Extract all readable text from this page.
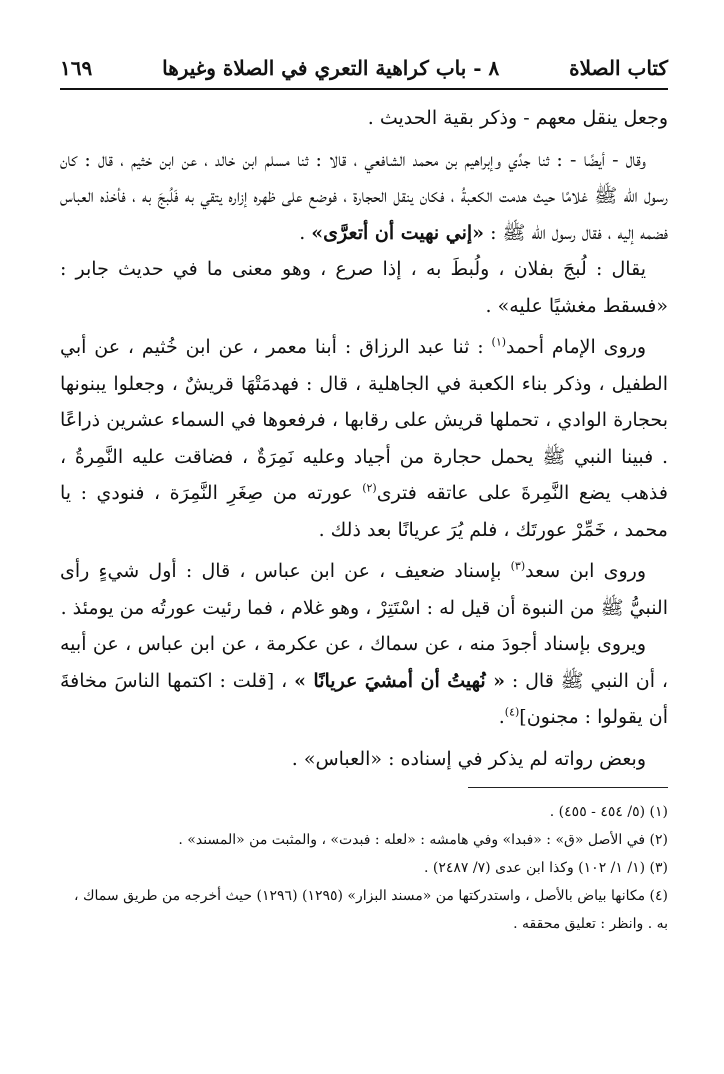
كتاب الصلاة
٨ - باب كراهية التعري في الصلاة وغيرها
١٦٩

وجعل ينقل معهم - وذكر بقية الحديث .

وقال - أيضًا - : ثنا جدِّي وإبراهيم بن محمد الشافعي ، قالا : ثنا مسلم ابن خالد ، عن ابن خثيم ، قال : كان رسول الله ﷺ غلامًا حيث هدمت الكعبةُ ، فكان ينقل الحجارة ، فوضع على ظهره إزاره يتقي به فَلُبجَ به ، فأخذه العباس فضمه إليه ، فقال رسول الله ﷺ : «إني نهيت أن أتعرَّى» .

يقال : لُبجَ بفلان ، ولُبطَ به ، إذا صرع ، وهو معنى ما في حديث جابر : «فسقط مغشيًا عليه» .

وروى الإمام أحمد$^{(١)}$ : ثنا عبد الرزاق : أبنا معمر ، عن ابن خُثيم ، عن أبي الطفيل ، وذكر بناء الكعبة في الجاهلية ، قال : فهدمَتْهَا قريشٌ ، وجعلوا يبنونها بحجارة الوادي ، تحملها قريش على رقابها ، فرفعوها في السماء عشرين ذراعًا . فبينا النبي ﷺ يحمل حجارة من أجياد وعليه نَمِرَةٌ ، فضاقت عليه النَّمِرةُ ، فذهب يضع النَّمِرةَ على عاتقه فترى$^{(٢)}$ عورته من صِغَرِ النَّمِرَة ، فنودي : يا محمد ، خَمِّرْ عورتَك ، فلم يُرَ عريانًا بعد ذلك .

وروى ابن سعد$^{(٣)}$ بإسناد ضعيف ، عن ابن عباس ، قال : أول شيءٍ رأى النبيُّ ﷺ من النبوة أن قيل له : اسْتَتِرْ ، وهو غلام ، فما رئيت عورتُه من يومئذ .

ويروى بإسناد أجودَ منه ، عن سماك ، عن عكرمة ، عن ابن عباس ، عن أبيه ، أن النبي ﷺ قال : « نُهيتُ أن أمشيَ عريانًا » ، [قلت : اكتمها الناسَ مخافةَ أن يقولوا : مجنون]$^{(٤)}$.

وبعض رواته لم يذكر في إسناده : «العباس» .

(١) (٥/ ٤٥٤ - ٤٥٥) .

(٢) في الأصل «ق» : «فبدا» وفي هامشه : «لعله : فبدت» ، والمثبت من «المسند» .

(٣) (١/ ١/ ١٠٢) وكذا ابن عدى (٧/ ٢٤٨٧) .

(٤) مكانها بياض بالأصل ، واستدركتها من «مسند البزار» (١٢٩٥) (١٢٩٦) حيث أخرجه من طريق سماك ، به . وانظر : تعليق محققه .
